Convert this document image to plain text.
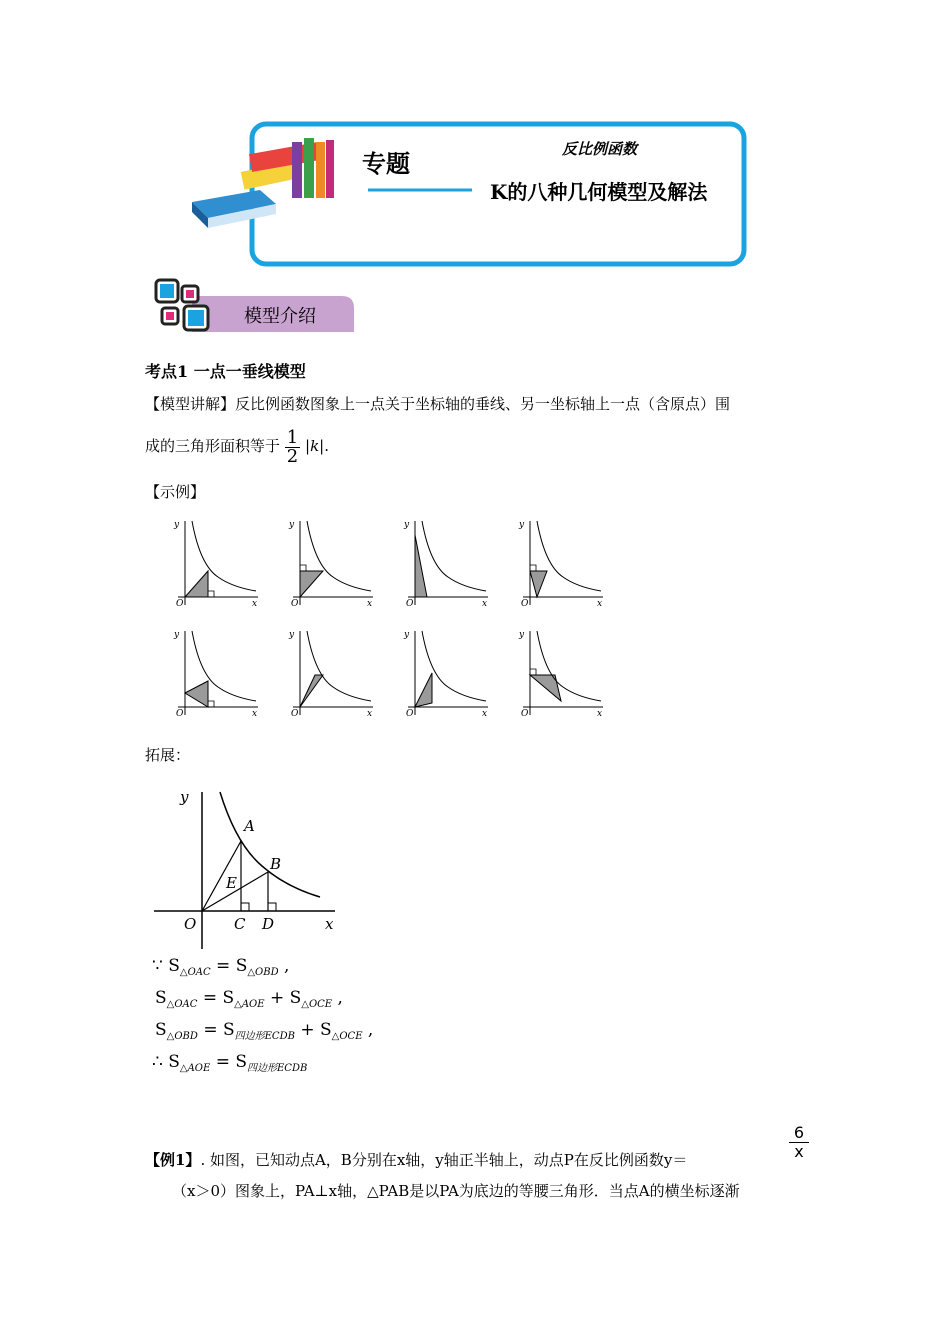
专题	反比例函数
K的八种几何模型及解法
模型介绍
考点1 一点一垂线模型
【模型讲解】反比例函数图象上一点关于坐标轴的垂线、另一坐标轴上一点（含原点）围
成的三角形面积等于 $\frac{1}{2} |k|$.
【示例】
y
O	x
y
O	x
y
O	x
y
O	x
y
O	x
y
O	x
y
O	x
y
O	x
拓展：
y
A
B
E
O	C D	x
∵ $S_{\triangle OAC} = S_{\triangle OBD}$ ,
$S_{\triangle OAC} = S_{\triangle AOE} + S_{\triangle OCE}$ ,
$S_{\triangle OBD} = S_{四边形ECDB} + S_{\triangle OCE}$ ,
∴ $S_{\triangle AOE} = S_{四边形ECDB}$
$\frac{6}{x}$
【例1】. 如图，已知动点A，B分别在x轴，y轴正半轴上，动点P在反比例函数y＝
（x＞0）图象上，PA⊥x轴，△PAB是以PA为底边的等腰三角形．当点A的横坐标逐渐
